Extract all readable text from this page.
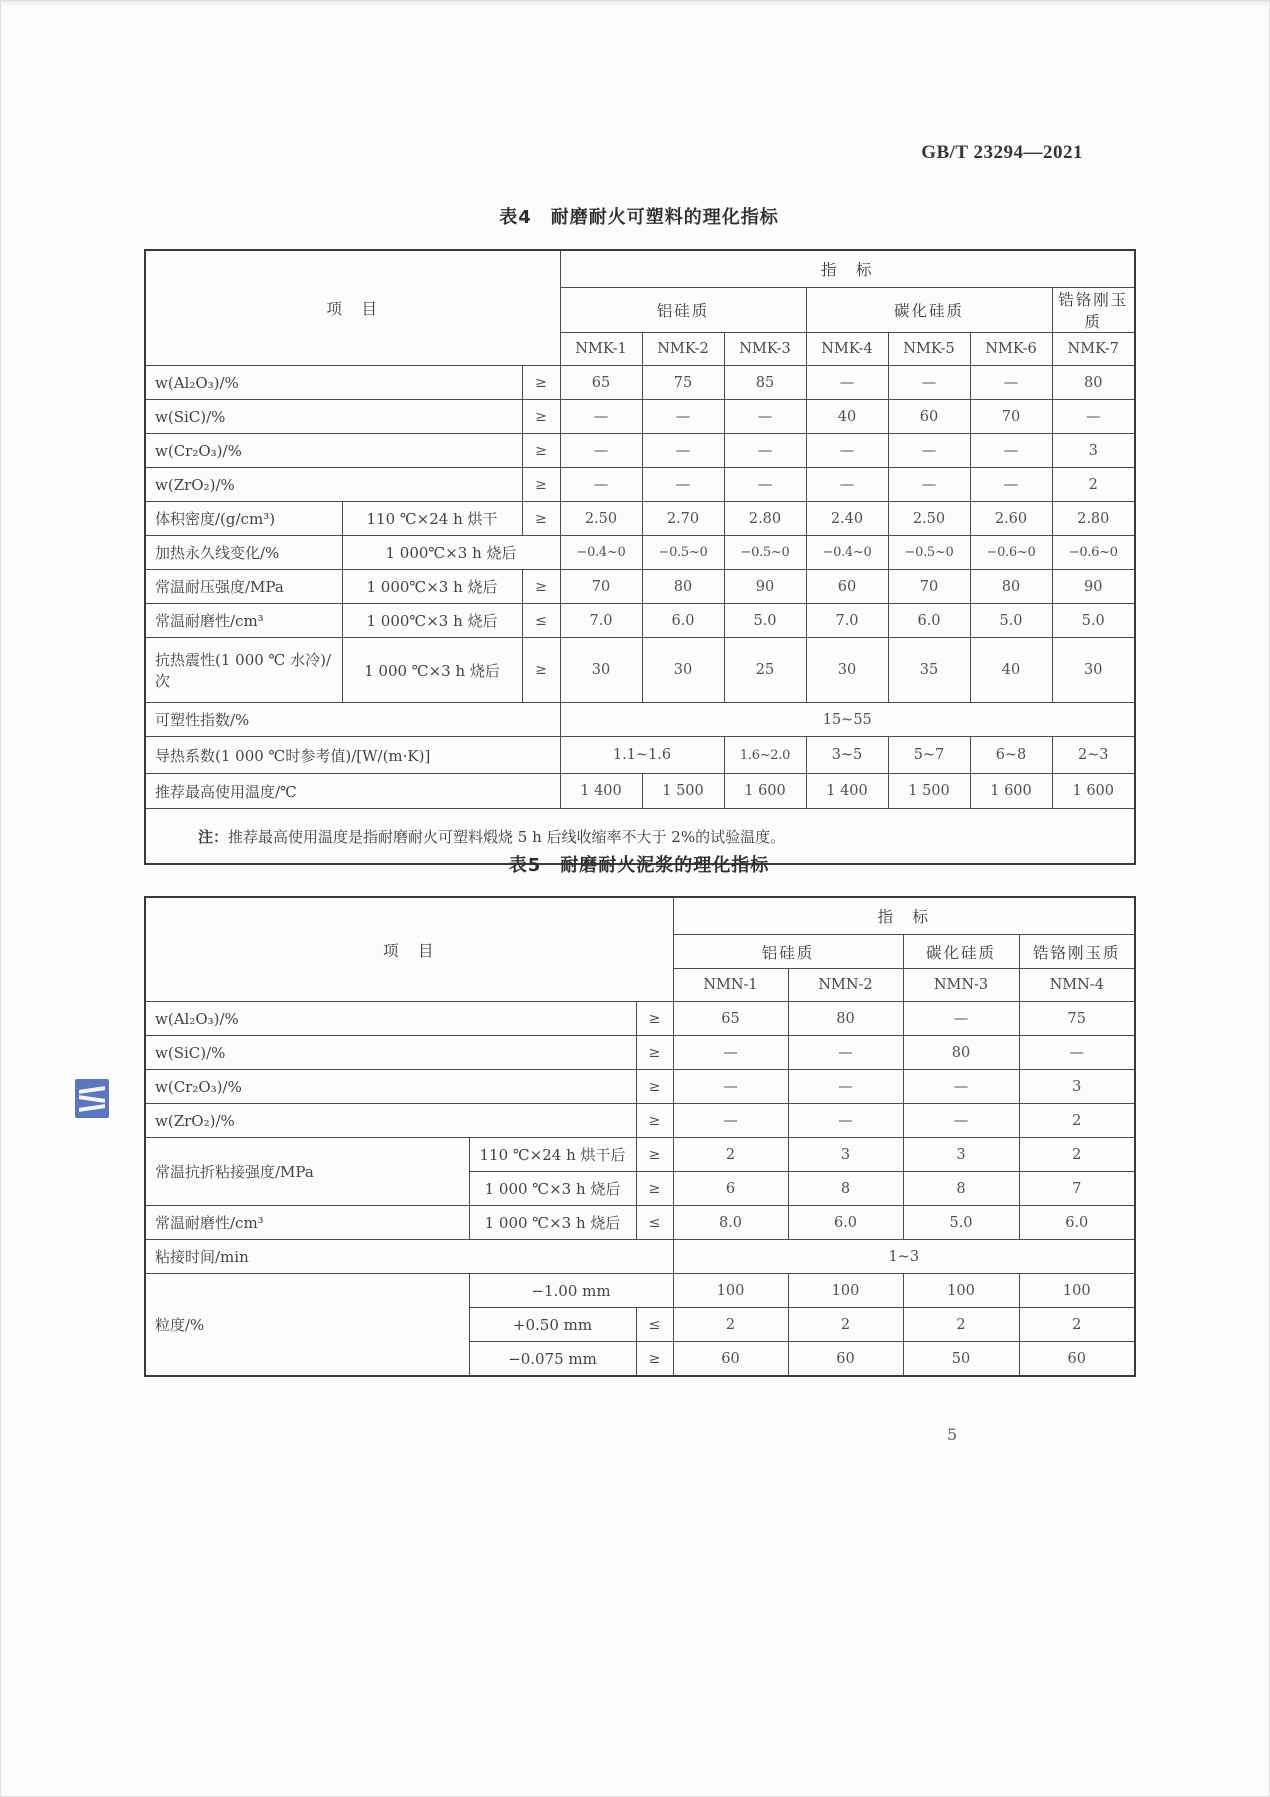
GB/T 23294—2021
表4　耐磨耐火可塑料的理化指标
项　目			指　标						
			铝硅质			碳化硅质			锆铬刚玉质
			NMK-1	NMK-2	NMK-3	NMK-4	NMK-5	NMK-6	NMK-7
w(Al₂O₃)/%		≥	65	75	85	—	—	—	80
w(SiC)/%		≥	—	—	—	40	60	70	—
w(Cr₂O₃)/%		≥	—	—	—	—	—	—	3
w(ZrO₂)/%		≥	—	—	—	—	—	—	2
体积密度/(g/cm³)	110 ℃×24 h 烘干	≥	2.50	2.70	2.80	2.40	2.50	2.60	2.80
加热永久线变化/%	1 000℃×3 h 烧后		−0.4~0	−0.5~0	−0.5~0	−0.4~0	−0.5~0	−0.6~0	−0.6~0
常温耐压强度/MPa	1 000℃×3 h 烧后	≥	70	80	90	60	70	80	90
常温耐磨性/cm³	1 000℃×3 h 烧后	≤	7.0	6.0	5.0	7.0	6.0	5.0	5.0
抗热震性(1 000 ℃ 水冷)/次	1 000 ℃×3 h 烧后	≥	30	30	25	30	35	40	30
可塑性指数/%			15~55						
导热系数(1 000 ℃时参考值)/[W/(m·K)]			1.1~1.6		1.6~2.0	3~5	5~7	6~8	2~3
推荐最高使用温度/℃			1 400	1 500	1 600	1 400	1 500	1 600	1 600
注：推荐最高使用温度是指耐磨耐火可塑料煅烧 5 h 后线收缩率不大于 2%的试验温度。									
表5　耐磨耐火泥浆的理化指标
项　目			指　标			
			铝硅质		碳化硅质	锆铬刚玉质
			NMN-1	NMN-2	NMN-3	NMN-4
w(Al₂O₃)/%		≥	65	80	—	75
w(SiC)/%		≥	—	—	80	—
w(Cr₂O₃)/%		≥	—	—	—	3
w(ZrO₂)/%		≥	—	—	—	2
常温抗折粘接强度/MPa	110 ℃×24 h 烘干后	≥	2	3	3	2
	1 000 ℃×3 h 烧后	≥	6	8	8	7
常温耐磨性/cm³	1 000 ℃×3 h 烧后	≤	8.0	6.0	5.0	6.0
粘接时间/min			1~3			
粒度/%	−1.00 mm		100	100	100	100
	+0.50 mm	≤	2	2	2	2
	−0.075 mm	≥	60	60	50	60
5
